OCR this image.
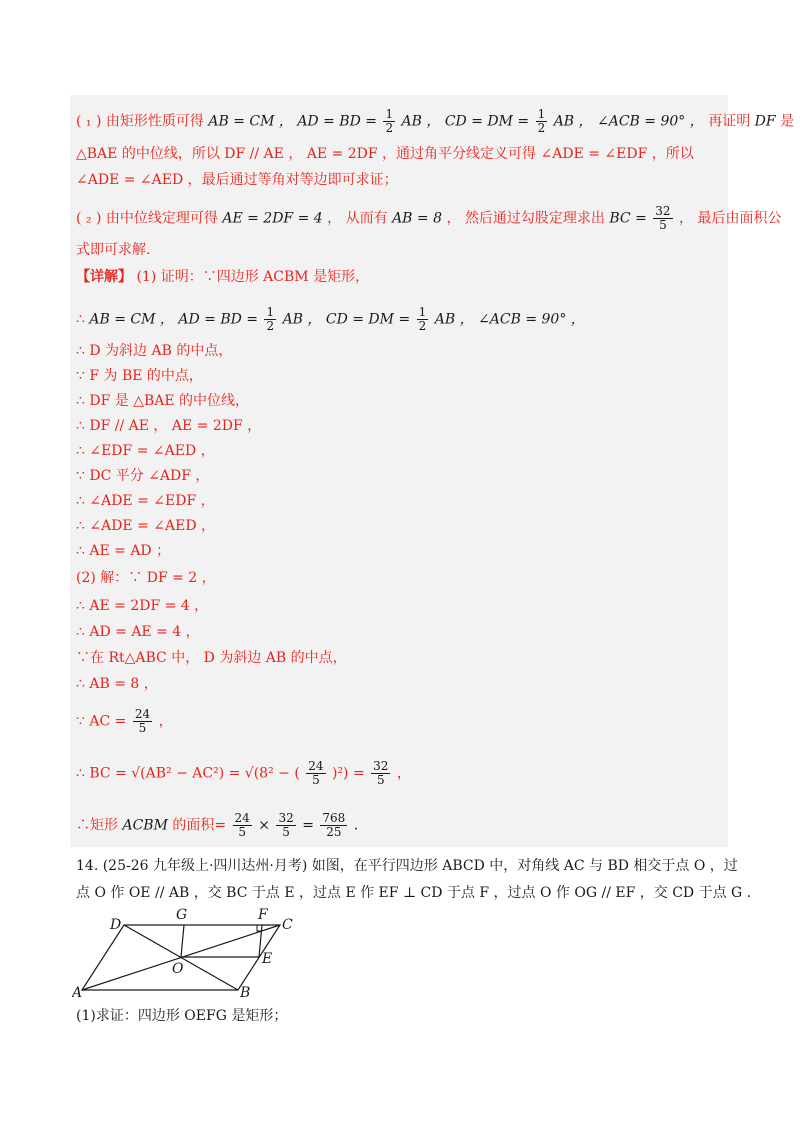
( ₁ ) 由矩形性质可得 AB = CM ， AD = BD = $\frac{1}{2}$ AB ， CD = DM = $\frac{1}{2}$ AB ， ∠ACB = 90° ， 再证明 DF 是
△BAE 的中位线，所以 DF // AE ， AE = 2DF ，通过角平分线定义可得 ∠ADE = ∠EDF ，所以
∠ADE = ∠AED ，最后通过等角对等边即可求证；
( ₂ ) 由中位线定理可得 AE = 2DF = 4 ， 从而有 AB = 8 ， 然后通过勾股定理求出 BC = $\frac{32}{5}$ ， 最后由面积公
式即可求解.
【详解】 (1) 证明：∵四边形 ACBM 是矩形，
∴ AB = CM ， AD = BD = $\frac{1}{2}$ AB ， CD = DM = $\frac{1}{2}$ AB ， ∠ACB = 90° ，
∴ D 为斜边 AB 的中点，
∵ F 为 BE 的中点，
∴ DF 是 △BAE 的中位线，
∴ DF // AE ， AE = 2DF ，
∴ ∠EDF = ∠AED ，
∵ DC 平分 ∠ADF ，
∴ ∠ADE = ∠EDF ，
∴ ∠ADE = ∠AED ，
∴ AE = AD ；
(2) 解：∵ DF = 2 ，
∴ AE = 2DF = 4 ，
∴ AD = AE = 4 ，
∵在 Rt△ABC 中， D 为斜边 AB 的中点，
∴ AB = 8 ，
∵ AC = $\frac{24}{5}$ ，
∴ BC = √(AB² − AC²) = √(8² − ( $\frac{24}{5} )^2) = \frac{32}{5}$ ，
∴矩形 ACBM 的面积= $\frac{24}{5} \times \frac{32}{5} = \frac{768}{25}$ .
14. (25-26 九年级上·四川达州·月考) 如图，在平行四边形 ABCD 中，对角线 AC 与 BD 相交于点 O ，过
点 O 作 OE // AB ，交 BC 于点 E ，过点 E 作 EF ⊥ CD 于点 F ，过点 O 作 OG // EF ，交 CD 于点 G .
A	B
C
D
E
F
G
O
(1)求证：四边形 OEFG 是矩形；
